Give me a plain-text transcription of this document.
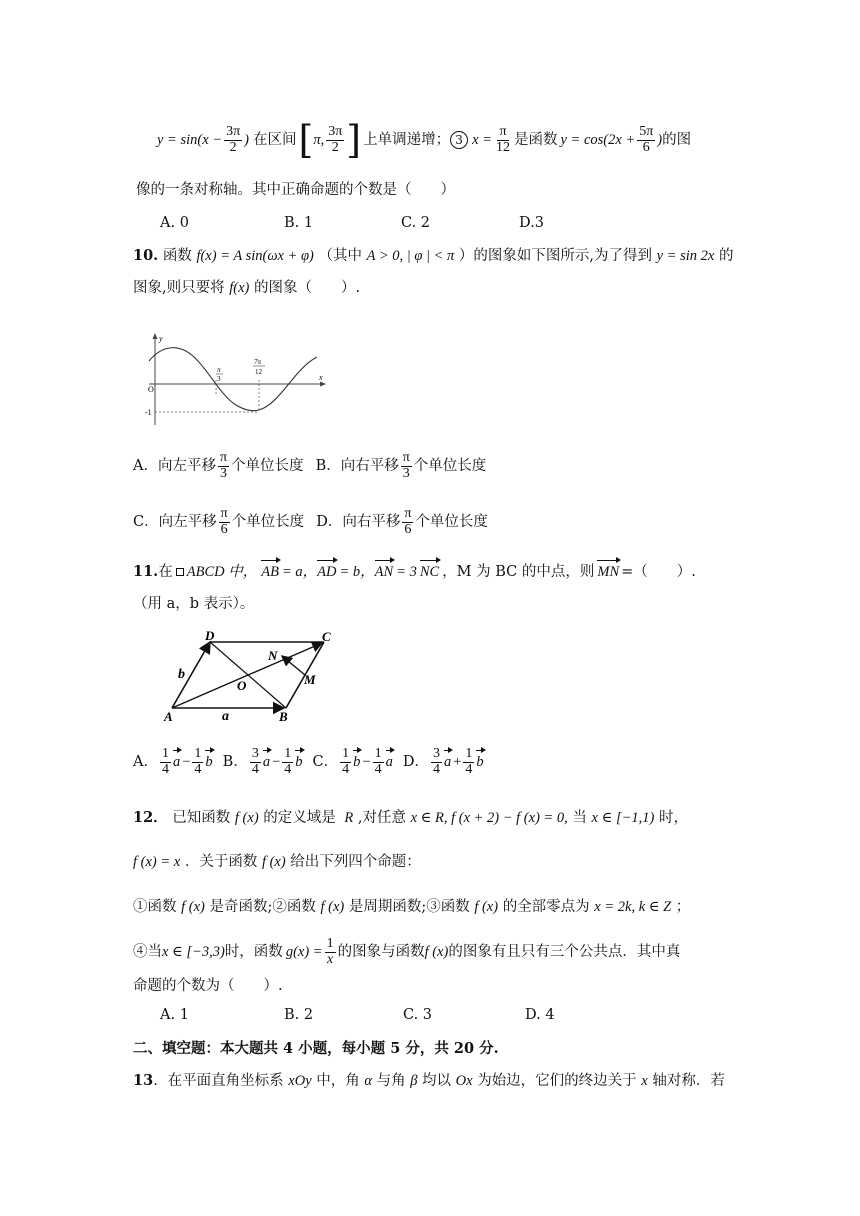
$y = \sin(x - \frac{3\pi}{2}$ ) 在区间 [ π, $\frac{3\pi}{2}$ ] 上单调递增； 3 $x = \frac{\pi}{12}$ 是函数 $y = \cos(2x + \frac{5\pi}{6}$ ) 的图
像的一条对称轴。其中正确命题的个数是（　　）
A. 0	B. 1	C. 2	D.3
10. 函数 f(x) = A sin(ωx + φ) （其中 A > 0, | φ | < π ）的图象如下图所示,为了得到 y = sin 2x 的
图象,则只要将 f(x) 的图象（　　）.
y
x
O
-1
π
3
7π
12
A．向左平移 $\frac{\pi}{3}$ 个单位长度 B．向右平移 $\frac{\pi}{3}$ 个单位长度
C．向左平移 $\frac{\pi}{6}$ 个单位长度 D．向右平移 $\frac{\pi}{6}$ 个单位长度
11. 在 ABCD 中， AB = a， AD = b， AN = 3 NC ，M 为 BC 的中点，则 MN =（　　）.
（用 a，b 表示）。
A	B
C
D
N
O	M
a
b
A． $\frac{1}{4}$ $a - \frac{1}{4}$ b B． $\frac{3}{4}$ $a - \frac{1}{4}$ b C． $\frac{1}{4}$ $b - \frac{1}{4}$ a D． $\frac{3}{4}$ $a + \frac{1}{4}$ b
12． 已知函数 f (x) 的定义域是 R ,对任意 x ∈ R, f (x + 2) − f (x) = 0, 当 x ∈ [−1,1) 时，
f (x) = x ．关于函数 f (x) 给出下列四个命题：
①函数 f (x) 是奇函数;②函数 f (x) 是周期函数;③函数 f (x) 的全部零点为 x = 2k, k ∈ Z ；
④当 x ∈ [−3,3) 时，函数 $g(x) = \frac{1}{x}$ 的图象与函数 f (x) 的图象有且只有三个公共点．其中真
命题的个数为（　　）.
A. 1	B. 2	C. 3	D. 4
二、填空题：本大题共 4 小题，每小题 5 分，共 20 分.
13．在平面直角坐标系 xOy 中，角 α 与角 β 均以 Ox 为始边，它们的终边关于 x 轴对称．若
